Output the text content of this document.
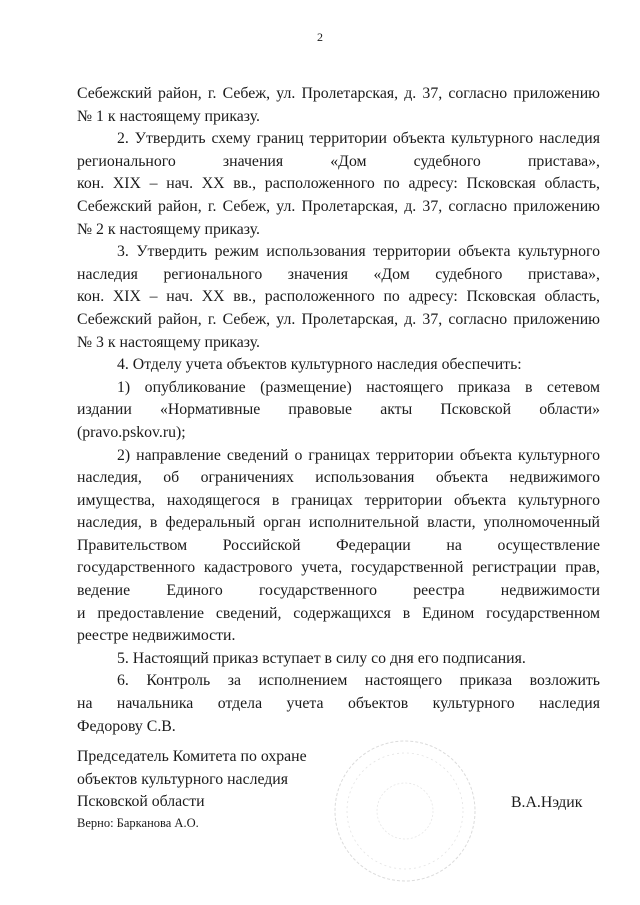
2
Себежский район, г. Себеж, ул. Пролетарская, д. 37, согласно приложению
№ 1 к настоящему приказу.
2. Утвердить схему границ территории объекта культурного наследия
регионального значения «Дом судебного пристава»,
кон. XIX – нач. XX вв., расположенного по адресу: Псковская область,
Себежский район, г. Себеж, ул. Пролетарская, д. 37, согласно приложению
№ 2 к настоящему приказу.
3. Утвердить режим использования территории объекта культурного
наследия регионального значения «Дом судебного пристава»,
кон. XIX – нач. XX вв., расположенного по адресу: Псковская область,
Себежский район, г. Себеж, ул. Пролетарская, д. 37, согласно приложению
№ 3 к настоящему приказу.
4. Отделу учета объектов культурного наследия обеспечить:
1) опубликование (размещение) настоящего приказа в сетевом
издании «Нормативные правовые акты Псковской области»
(pravo.pskov.ru);
2) направление сведений о границах территории объекта культурного
наследия, об ограничениях использования объекта недвижимого
имущества, находящегося в границах территории объекта культурного
наследия, в федеральный орган исполнительной власти, уполномоченный
Правительством Российской Федерации на осуществление
государственного кадастрового учета, государственной регистрации прав,
ведение Единого государственного реестра недвижимости
и предоставление сведений, содержащихся в Едином государственном
реестре недвижимости.
5. Настоящий приказ вступает в силу со дня его подписания.
6. Контроль за исполнением настоящего приказа возложить
на начальника отдела учета объектов культурного наследия
Федорову С.В.
Председатель Комитета по охране
объектов культурного наследия
Псковской области
Верно: Барканова А.О.
В.А.Нэдик
